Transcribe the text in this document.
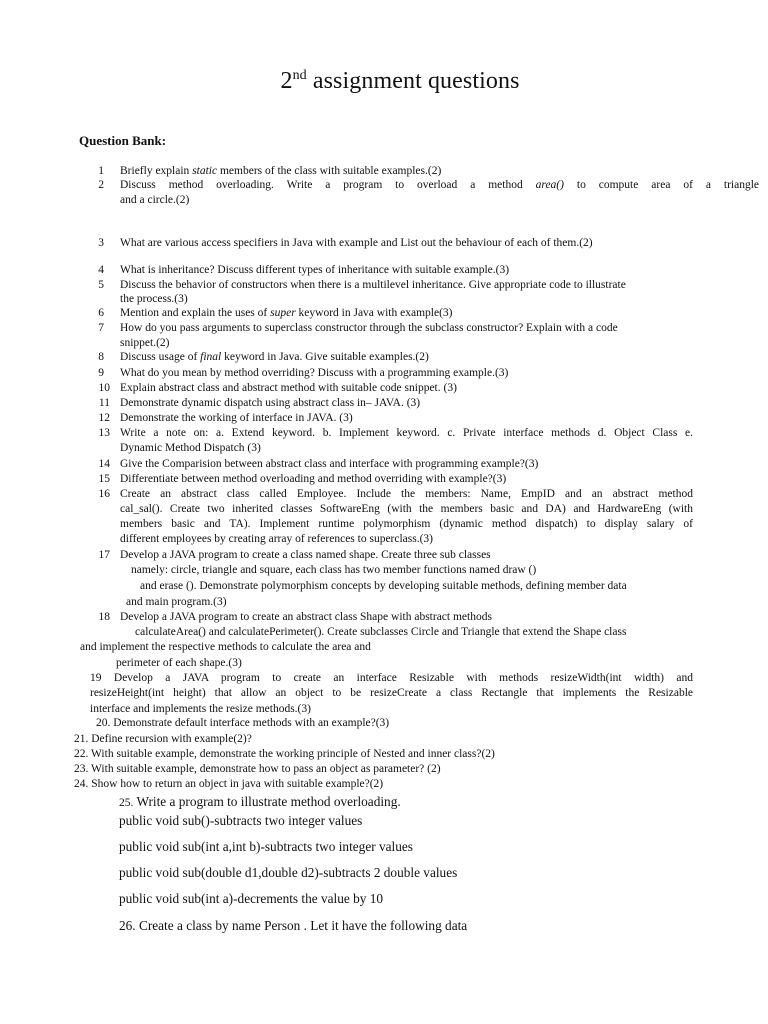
2nd assignment questions
Question Bank:
1 Briefly explain static members of the class with suitable examples.(2)
2 Discuss method overloading. Write a program to overload a method area() to compute area of a triangle
and a circle.(2)
3 What are various access specifiers in Java with example and List out the behaviour of each of them.(2)
4 What is inheritance? Discuss different types of inheritance with suitable example.(3)
5 Discuss the behavior of constructors when there is a multilevel inheritance. Give appropriate code to illustrate
the process.(3)
6 Mention and explain the uses of super keyword in Java with example(3)
7 How do you pass arguments to superclass constructor through the subclass constructor? Explain with a code
snippet.(2)
8 Discuss usage of final keyword in Java. Give suitable examples.(2)
9 What do you mean by method overriding? Discuss with a programming example.(3)
10 Explain abstract class and abstract method with suitable code snippet. (3)
11 Demonstrate dynamic dispatch using abstract class in– JAVA. (3)
12 Demonstrate the working of interface in JAVA. (3)
13 Write a note on: a. Extend keyword. b. Implement keyword. c. Private interface methods d. Object Class e.
Dynamic Method Dispatch (3)
14 Give the Comparision between abstract class and interface with programming example?(3)
15 Differentiate between method overloading and method overriding with example?(3)
16 Create an abstract class called Employee. Include the members: Name, EmpID and an abstract method
cal_sal(). Create two inherited classes SoftwareEng (with the members basic and DA) and HardwareEng (with
members basic and TA). Implement runtime polymorphism (dynamic method dispatch) to display salary of
different employees by creating array of references to superclass.(3)
17 Develop a JAVA program to create a class named shape. Create three sub classes
namely: circle, triangle and square, each class has two member functions named draw ()
and erase (). Demonstrate polymorphism concepts by developing suitable methods, defining member data
and main program.(3)
18 Develop a JAVA program to create an abstract class Shape with abstract methods
calculateArea() and calculatePerimeter(). Create subclasses Circle and Triangle that extend the Shape class
and implement the respective methods to calculate the area and
perimeter of each shape.(3)
19 Develop a JAVA program to create an interface Resizable with methods resizeWidth(int width) and
resizeHeight(int height) that allow an object to be resizeCreate a class Rectangle that implements the Resizable
interface and implements the resize methods.(3)
20. Demonstrate default interface methods with an example?(3)
21. Define recursion with example(2)?
22. With suitable example, demonstrate the working principle of Nested and inner class?(2)
23. With suitable example, demonstrate how to pass an object as parameter? (2)
24. Show how to return an object in java with suitable example?(2)
25. Write a program to illustrate method overloading.
public void sub()-subtracts two integer values
public void sub(int a,int b)-subtracts two integer values
public void sub(double d1,double d2)-subtracts 2 double values
public void sub(int a)-decrements the value by 10
26. Create a class by name Person . Let it have the following data
